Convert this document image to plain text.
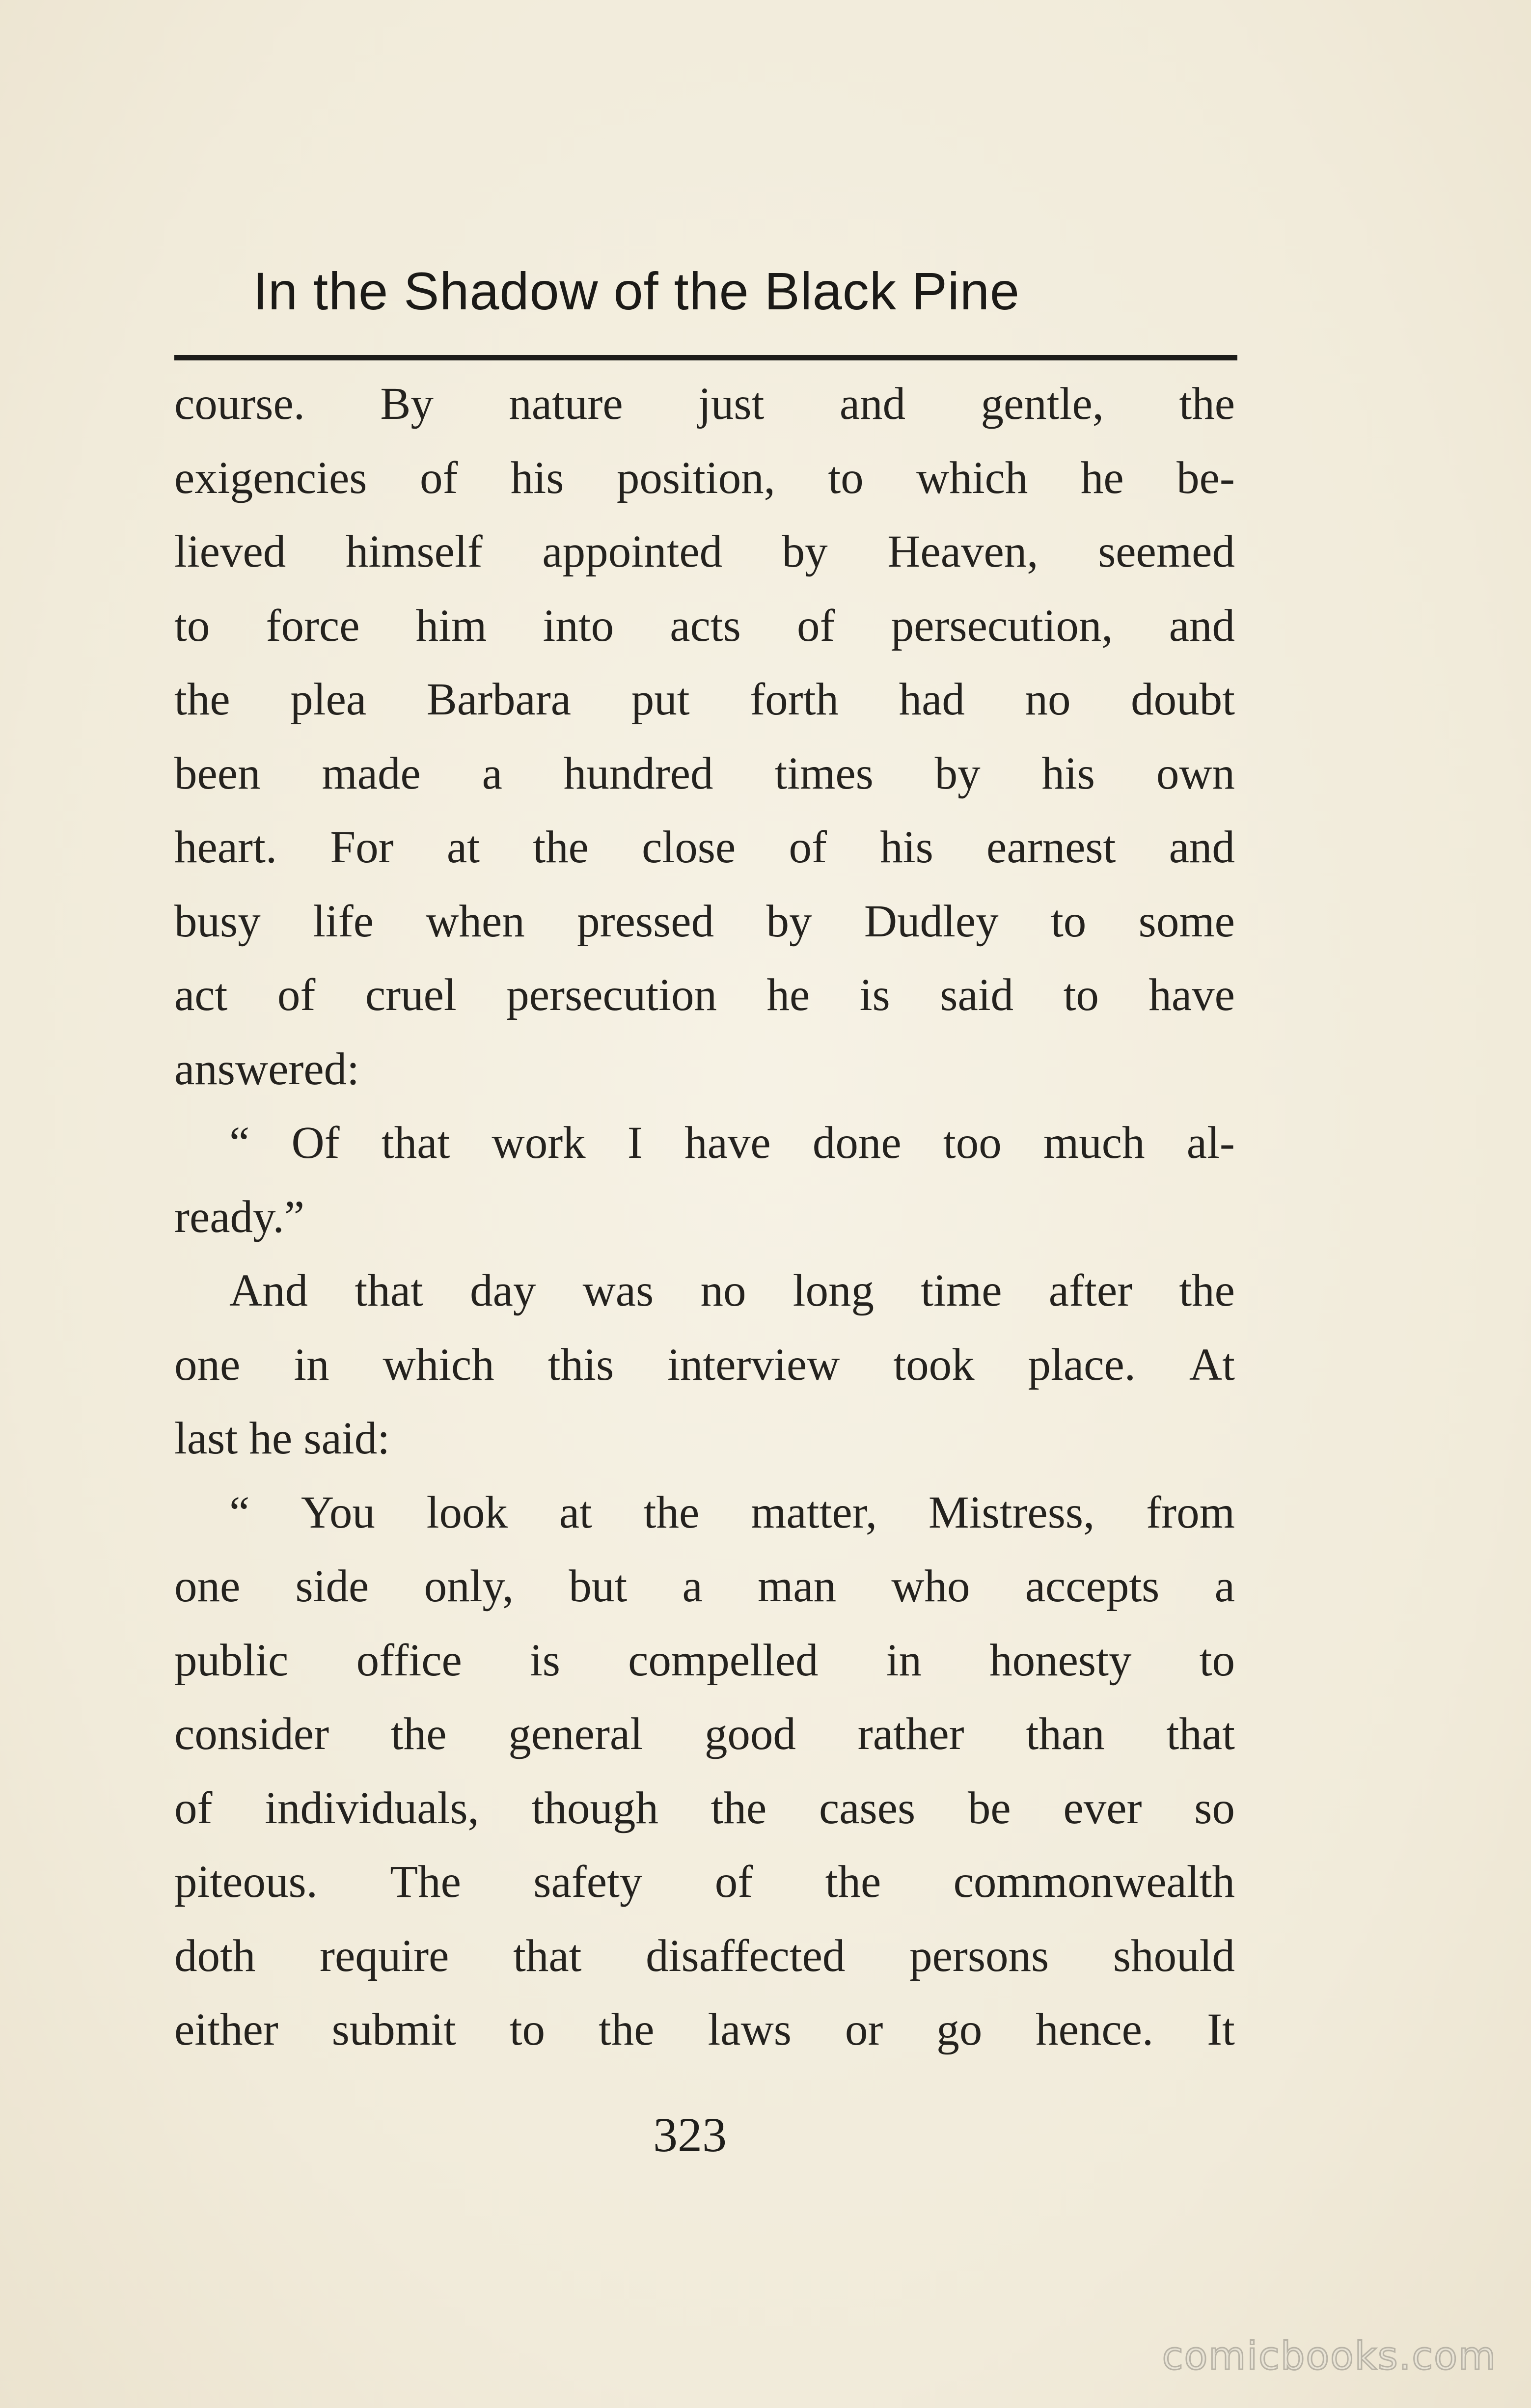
In the Shadow of the Black Pine
course. By nature just and gentle, the
exigencies of his position, to which he be-
lieved himself appointed by Heaven, seemed
to force him into acts of persecution, and
the plea Barbara put forth had no doubt
been made a hundred times by his own
heart. For at the close of his earnest and
busy life when pressed by Dudley to some
act of cruel persecution he is said to have
answered:
“ Of that work I have done too much al-
ready.”
And that day was no long time after the
one in which this interview took place. At
last he said:
“ You look at the matter, Mistress, from
one side only, but a man who accepts a
public office is compelled in honesty to
consider the general good rather than that
of individuals, though the cases be ever so
piteous. The safety of the commonwealth
doth require that disaffected persons should
either submit to the laws or go hence. It
323
comicbooks.com
